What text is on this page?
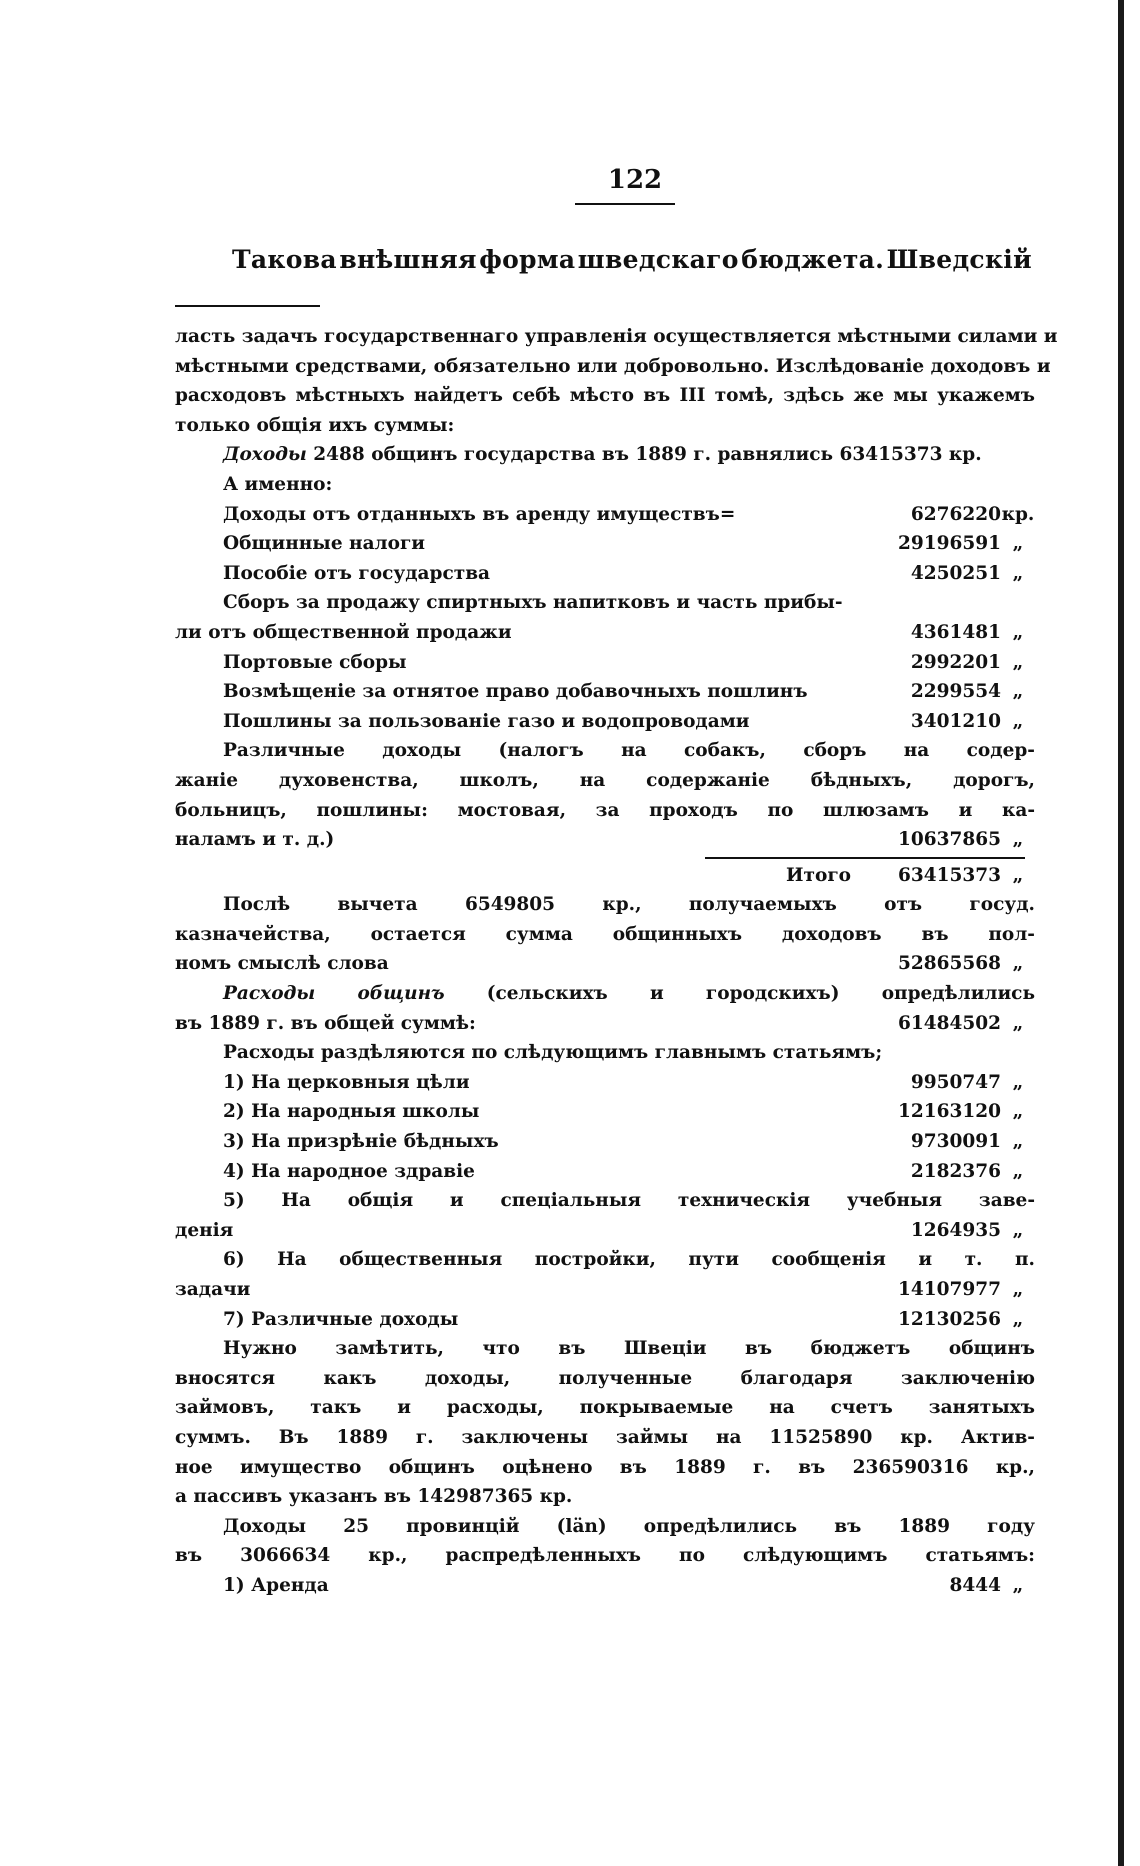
122
Такова внѣшняя форма шведскаго бюджета. Шведскій
ласть задачъ государственнаго управленія осуществляется мѣстными силами и
мѣстными средствами, обязательно или добровольно. Изслѣдованіе доходовъ и
расходовъ мѣстныхъ найдетъ себѣ мѣсто въ III томѣ, здѣсь же мы укажемъ
только общія ихъ суммы:
Доходы 2488 общинъ государства въ 1889 г. равнялись 63415373 кр.
А именно:
Доходы отъ отданныхъ въ аренду имуществъ=	6276220 кр.
Общинные налоги	29196591 „
Пособіе отъ государства	4250251 „
Сборъ за продажу спиртныхъ напитковъ и часть прибы-
ли отъ общественной продажи	4361481 „
Портовые сборы	2992201 „
Возмѣщеніе за отнятое право добавочныхъ пошлинъ	2299554 „
Пошлины за пользованіе газо и водопроводами	3401210 „
Различные доходы (налогъ на собакъ, сборъ на содер-
жаніе духовенства, школъ, на содержаніе бѣдныхъ, дорогъ,
больницъ, пошлины: мостовая, за проходъ по шлюзамъ и ка-
наламъ и т. д.)	10637865 „
Итого	63415373 „
Послѣ вычета 6549805 кр., получаемыхъ отъ госуд.
казначейства, остается сумма общинныхъ доходовъ въ пол-
номъ смыслѣ слова	52865568 „
Расходы общинъ (сельскихъ и городскихъ) опредѣлились
въ 1889 г. въ общей суммѣ:	61484502 „
Расходы раздѣляются по слѣдующимъ главнымъ статьямъ;
1) На церковныя цѣли	9950747 „
2) На народныя школы	12163120 „
3) На призрѣніе бѣдныхъ	9730091 „
4) На народное здравіе	2182376 „
5) На общія и спеціальныя техническія учебныя заве-
денія	1264935 „
6) На общественныя постройки, пути сообщенія и т. п.
задачи	14107977 „
7) Различные доходы	12130256 „
Нужно замѣтить, что въ Швеціи въ бюджетъ общинъ
вносятся какъ доходы, полученные благодаря заключенію
займовъ, такъ и расходы, покрываемые на счетъ занятыхъ
суммъ. Въ 1889 г. заключены займы на 11525890 кр. Актив-
ное имущество общинъ оцѣнено въ 1889 г. въ 236590316 кр.,
а пассивъ указанъ въ 142987365 кр.
Доходы 25 провинцій (län) опредѣлились въ 1889 году
въ 3066634 кр., распредѣленныхъ по слѣдующимъ статьямъ:
1) Аренда	8444 „
